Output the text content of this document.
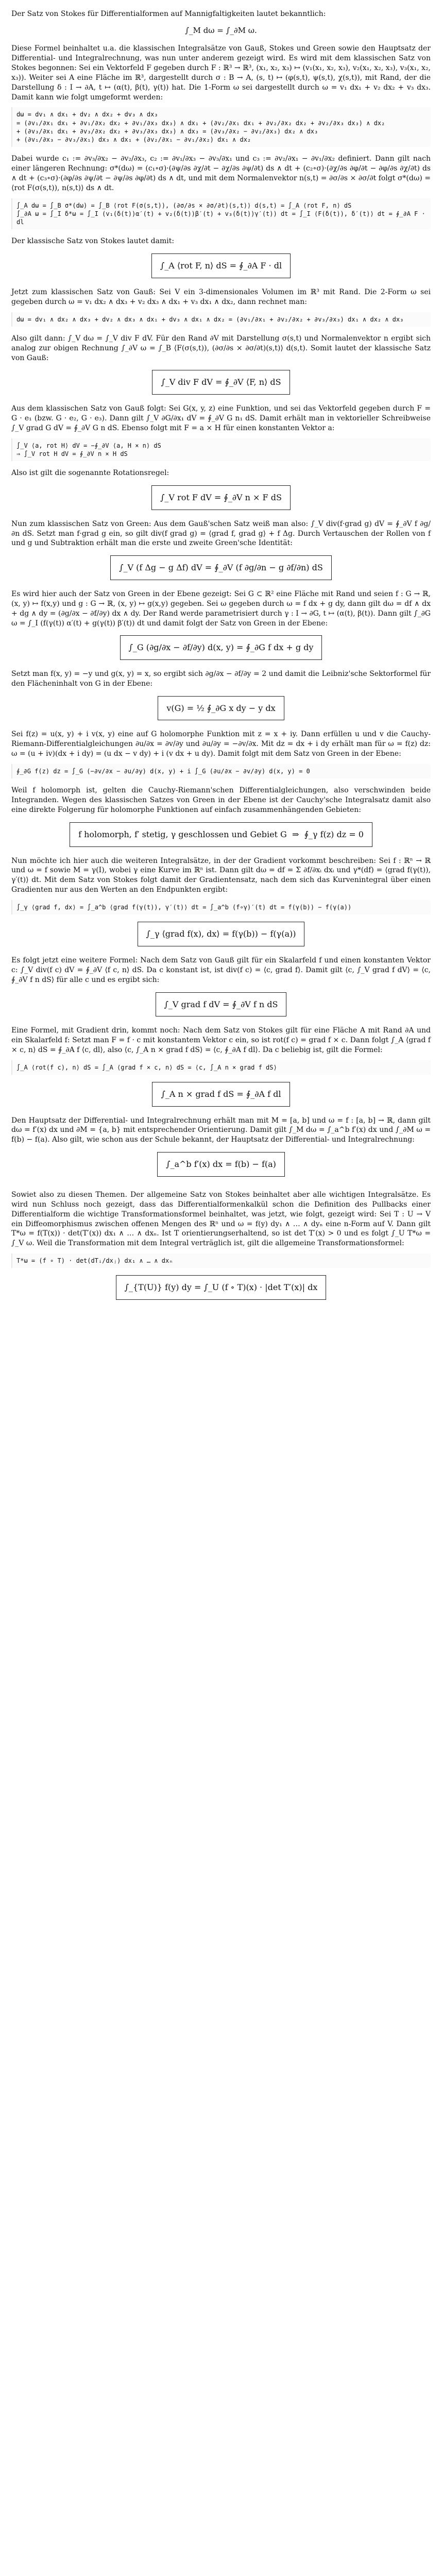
Der Satz von Stokes für Differentialformen auf Mannigfaltigkeiten lautet bekanntlich:

∫_M dω = ∫_∂M ω.

Diese Formel beinhaltet u.a. die klassischen Integralsätze von Gauß, Stokes und Green sowie den Hauptsatz der Differential- und Integralrechnung, was nun unter anderem gezeigt wird. Es wird mit dem klassischen Satz von Stokes begonnen: Sei ein Vektorfeld F gegeben durch F : ℝ³ → ℝ³, (x₁, x₂, x₃) ↦ (v₁(x₁, x₂, x₃), v₂(x₁, x₂, x₃), v₃(x₁, x₂, x₃)). Weiter sei A eine Fläche im ℝ³, dargestellt durch σ : B → A, (s, t) ↦ (φ(s,t), ψ(s,t), χ(s,t)), mit Rand, der die Darstellung δ : I → ∂A, t ↦ (α(t), β(t), γ(t)) hat. Die 1-Form ω sei dargestellt durch ω = v₁ dx₁ + v₂ dx₂ + v₃ dx₃. Damit kann wie folgt umgeformt werden:

dω = dv₁ ∧ dx₁ + dv₂ ∧ dx₂ + dv₃ ∧ dx₃
= (∂v₁/∂x₁ dx₁ + ∂v₁/∂x₂ dx₂ + ∂v₁/∂x₃ dx₃) ∧ dx₁ + (∂v₂/∂x₁ dx₁ + ∂v₂/∂x₂ dx₂ + ∂v₂/∂x₃ dx₃) ∧ dx₂
+ (∂v₃/∂x₁ dx₁ + ∂v₃/∂x₂ dx₂ + ∂v₃/∂x₃ dx₃) ∧ dx₃ = (∂v₃/∂x₂ − ∂v₂/∂x₃) dx₂ ∧ dx₃
+ (∂v₁/∂x₃ − ∂v₃/∂x₁) dx₃ ∧ dx₁ + (∂v₂/∂x₁ − ∂v₁/∂x₂) dx₁ ∧ dx₂

Dabei wurde c₁ := ∂v₃/∂x₂ − ∂v₂/∂x₃, c₂ := ∂v₁/∂x₃ − ∂v₃/∂x₁ und c₃ := ∂v₂/∂x₁ − ∂v₁/∂x₂ definiert. Dann gilt nach einer längeren Rechnung: σ*(dω) = (c₁∘σ)·(∂ψ/∂s ∂χ/∂t − ∂χ/∂s ∂ψ/∂t) ds ∧ dt + (c₂∘σ)·(∂χ/∂s ∂φ/∂t − ∂φ/∂s ∂χ/∂t) ds ∧ dt + (c₃∘σ)·(∂φ/∂s ∂ψ/∂t − ∂ψ/∂s ∂φ/∂t) ds ∧ dt, und mit dem Normalenvektor n(s,t) = ∂σ/∂s × ∂σ/∂t folgt σ*(dω) = ⟨rot F(σ(s,t)), n(s,t)⟩ ds ∧ dt.

∫_A dω = ∫_B σ*(dω) = ∫_B ⟨rot F(σ(s,t)), (∂σ/∂s × ∂σ/∂t)(s,t)⟩ d(s,t) = ∫_A ⟨rot F, n⟩ dS
∫_∂A ω = ∫_I δ*ω = ∫_I (v₁(δ(t))α′(t) + v₂(δ(t))β′(t) + v₃(δ(t))γ′(t)) dt = ∫_I ⟨F(δ(t)), δ′(t)⟩ dt = ∮_∂A F · dl

Der klassische Satz von Stokes lautet damit:

∫_A ⟨rot F, n⟩ dS = ∮_∂A F · dl

Jetzt zum klassischen Satz von Gauß: Sei V ein 3-dimensionales Volumen im ℝ³ mit Rand. Die 2-Form ω sei gegeben durch ω = v₁ dx₂ ∧ dx₃ + v₂ dx₃ ∧ dx₁ + v₃ dx₁ ∧ dx₂, dann rechnet man:

dω = dv₁ ∧ dx₂ ∧ dx₃ + dv₂ ∧ dx₃ ∧ dx₁ + dv₃ ∧ dx₁ ∧ dx₂ = (∂v₁/∂x₁ + ∂v₂/∂x₂ + ∂v₃/∂x₃) dx₁ ∧ dx₂ ∧ dx₃

Also gilt dann: ∫_V dω = ∫_V div F dV. Für den Rand ∂V mit Darstellung σ(s,t) und Normalenvektor n ergibt sich analog zur obigen Rechnung ∫_∂V ω = ∫_B ⟨F(σ(s,t)), (∂σ/∂s × ∂σ/∂t)(s,t)⟩ d(s,t). Somit lautet der klassische Satz von Gauß:

∫_V div F dV = ∮_∂V ⟨F, n⟩ dS

Aus dem klassischen Satz von Gauß folgt: Sei G(x, y, z) eine Funktion, und sei das Vektorfeld gegeben durch F = G · e₁ (bzw. G · e₂, G · e₃). Dann gilt ∫_V ∂G/∂x₁ dV = ∮_∂V G n₁ dS. Damit erhält man in vektorieller Schreibweise ∫_V grad G dV = ∮_∂V G n dS. Ebenso folgt mit F = a × H für einen konstanten Vektor a:

∫_V ⟨a, rot H⟩ dV = −∮_∂V ⟨a, H × n⟩ dS
⇒ ∫_V rot H dV = ∮_∂V n × H dS

Also ist gilt die sogenannte Rotationsregel:

∫_V rot F dV = ∮_∂V n × F dS

Nun zum klassischen Satz von Green: Aus dem Gauß'schen Satz weiß man also: ∫_V div(f·grad g) dV = ∮_∂V f ∂g/∂n dS. Setzt man f·grad g ein, so gilt div(f grad g) = ⟨grad f, grad g⟩ + f Δg. Durch Vertauschen der Rollen von f und g und Subtraktion erhält man die erste und zweite Green'sche Identität:

∫_V (f Δg − g Δf) dV = ∮_∂V (f ∂g/∂n − g ∂f/∂n) dS

Es wird hier auch der Satz von Green in der Ebene gezeigt: Sei G ⊂ ℝ² eine Fläche mit Rand und seien f : G → ℝ, (x, y) ↦ f(x,y) und g : G → ℝ, (x, y) ↦ g(x,y) gegeben. Sei ω gegeben durch ω = f dx + g dy, dann gilt dω = df ∧ dx + dg ∧ dy = (∂g/∂x − ∂f/∂y) dx ∧ dy. Der Rand werde parametrisiert durch γ : I → ∂G, t ↦ (α(t), β(t)). Dann gilt ∫_∂G ω = ∫_I (f(γ(t)) α′(t) + g(γ(t)) β′(t)) dt und damit folgt der Satz von Green in der Ebene:

∫_G (∂g/∂x − ∂f/∂y) d(x, y) = ∮_∂G f dx + g dy

Setzt man f(x, y) = −y und g(x, y) = x, so ergibt sich ∂g/∂x − ∂f/∂y = 2 und damit die Leibniz'sche Sektorformel für den Flächeninhalt von G in der Ebene:

v(G) = ½ ∮_∂G x dy − y dx

Sei f(z) = u(x, y) + i v(x, y) eine auf G holomorphe Funktion mit z = x + iy. Dann erfüllen u und v die Cauchy-Riemann-Differentialgleichungen ∂u/∂x = ∂v/∂y und ∂u/∂y = −∂v/∂x. Mit dz = dx + i dy erhält man für ω = f(z) dz: ω = (u + iv)(dx + i dy) = (u dx − v dy) + i (v dx + u dy). Damit folgt mit dem Satz von Green in der Ebene:

∮_∂G f(z) dz = ∫_G (−∂v/∂x − ∂u/∂y) d(x, y) + i ∫_G (∂u/∂x − ∂v/∂y) d(x, y) = 0

Weil f holomorph ist, gelten die Cauchy-Riemann'schen Differentialgleichungen, also verschwinden beide Integranden. Wegen des klassischen Satzes von Green in der Ebene ist der Cauchy'sche Integralsatz damit also eine direkte Folgerung für holomorphe Funktionen auf einfach zusammenhängenden Gebieten:

f holomorph, f′ stetig, γ geschlossen und Gebiet G  ⇒  ∮_γ f(z) dz = 0

Nun möchte ich hier auch die weiteren Integralsätze, in der der Gradient vorkommt beschreiben: Sei f : ℝⁿ → ℝ und ω = f sowie M = γ(I), wobei γ eine Kurve im ℝⁿ ist. Dann gilt dω = df = Σ ∂f/∂xᵢ dxᵢ und γ*(df) = ⟨grad f(γ(t)), γ′(t)⟩ dt. Mit dem Satz von Stokes folgt damit der Gradientensatz, nach dem sich das Kurvenintegral über einen Gradienten nur aus den Werten an den Endpunkten ergibt:

∫_γ ⟨grad f, dx⟩ = ∫_a^b ⟨grad f(γ(t)), γ′(t)⟩ dt = ∫_a^b (f∘γ)′(t) dt = f(γ(b)) − f(γ(a))
∫_γ ⟨grad f(x), dx⟩ = f(γ(b)) − f(γ(a))

Es folgt jetzt eine weitere Formel: Nach dem Satz von Gauß gilt für ein Skalarfeld f und einen konstanten Vektor c: ∫_V div(f c) dV = ∮_∂V ⟨f c, n⟩ dS. Da c konstant ist, ist div(f c) = ⟨c, grad f⟩. Damit gilt ⟨c, ∫_V grad f dV⟩ = ⟨c, ∮_∂V f n dS⟩ für alle c und es ergibt sich:

∫_V grad f dV = ∮_∂V f n dS

Eine Formel, mit Gradient drin, kommt noch: Nach dem Satz von Stokes gilt für eine Fläche A mit Rand ∂A und ein Skalarfeld f: Setzt man F = f · c mit konstantem Vektor c ein, so ist rot(f c) = grad f × c. Dann folgt ∫_A ⟨grad f × c, n⟩ dS = ∮_∂A f ⟨c, dl⟩, also ⟨c, ∫_A n × grad f dS⟩ = ⟨c, ∮_∂A f dl⟩. Da c beliebig ist, gilt die Formel:

∫_A ⟨rot(f c), n⟩ dS = ∫_A ⟨grad f × c, n⟩ dS = ⟨c, ∫_A n × grad f dS⟩
∫_A n × grad f dS = ∮_∂A f dl

Den Hauptsatz der Differential- und Integralrechnung erhält man mit M = [a, b] und ω = f : [a, b] → ℝ, dann gilt dω = f′(x) dx und ∂M = {a, b} mit entsprechender Orientierung. Damit gilt ∫_M dω = ∫_a^b f′(x) dx und ∫_∂M ω = f(b) − f(a). Also gilt, wie schon aus der Schule bekannt, der Hauptsatz der Differential- und Integralrechnung:

∫_a^b f′(x) dx = f(b) − f(a)

Sowiet also zu diesen Themen. Der allgemeine Satz von Stokes beinhaltet aber alle wichtigen Integralsätze. Es wird nun Schluss noch gezeigt, dass das Differentialformenkalkül schon die Definition des Pullbacks einer Differentialform die wichtige Transformationsformel beinhaltet, was jetzt, wie folgt, gezeigt wird: Sei T : U → V ein Diffeomorphismus zwischen offenen Mengen des ℝⁿ und ω = f(y) dy₁ ∧ … ∧ dyₙ eine n-Form auf V. Dann gilt T*ω = f(T(x)) · det(T′(x)) dx₁ ∧ … ∧ dxₙ. Ist T orientierungserhaltend, so ist det T′(x) > 0 und es folgt ∫_U T*ω = ∫_V ω. Weil die Transformation mit dem Integral verträglich ist, gilt die allgemeine Transformationsformel:

T*ω = (f ∘ T) · det(dTᵢ/dxⱼ) dx₁ ∧ … ∧ dxₙ
∫_{T(U)} f(y) dy = ∫_U (f ∘ T)(x) · |det T′(x)| dx
